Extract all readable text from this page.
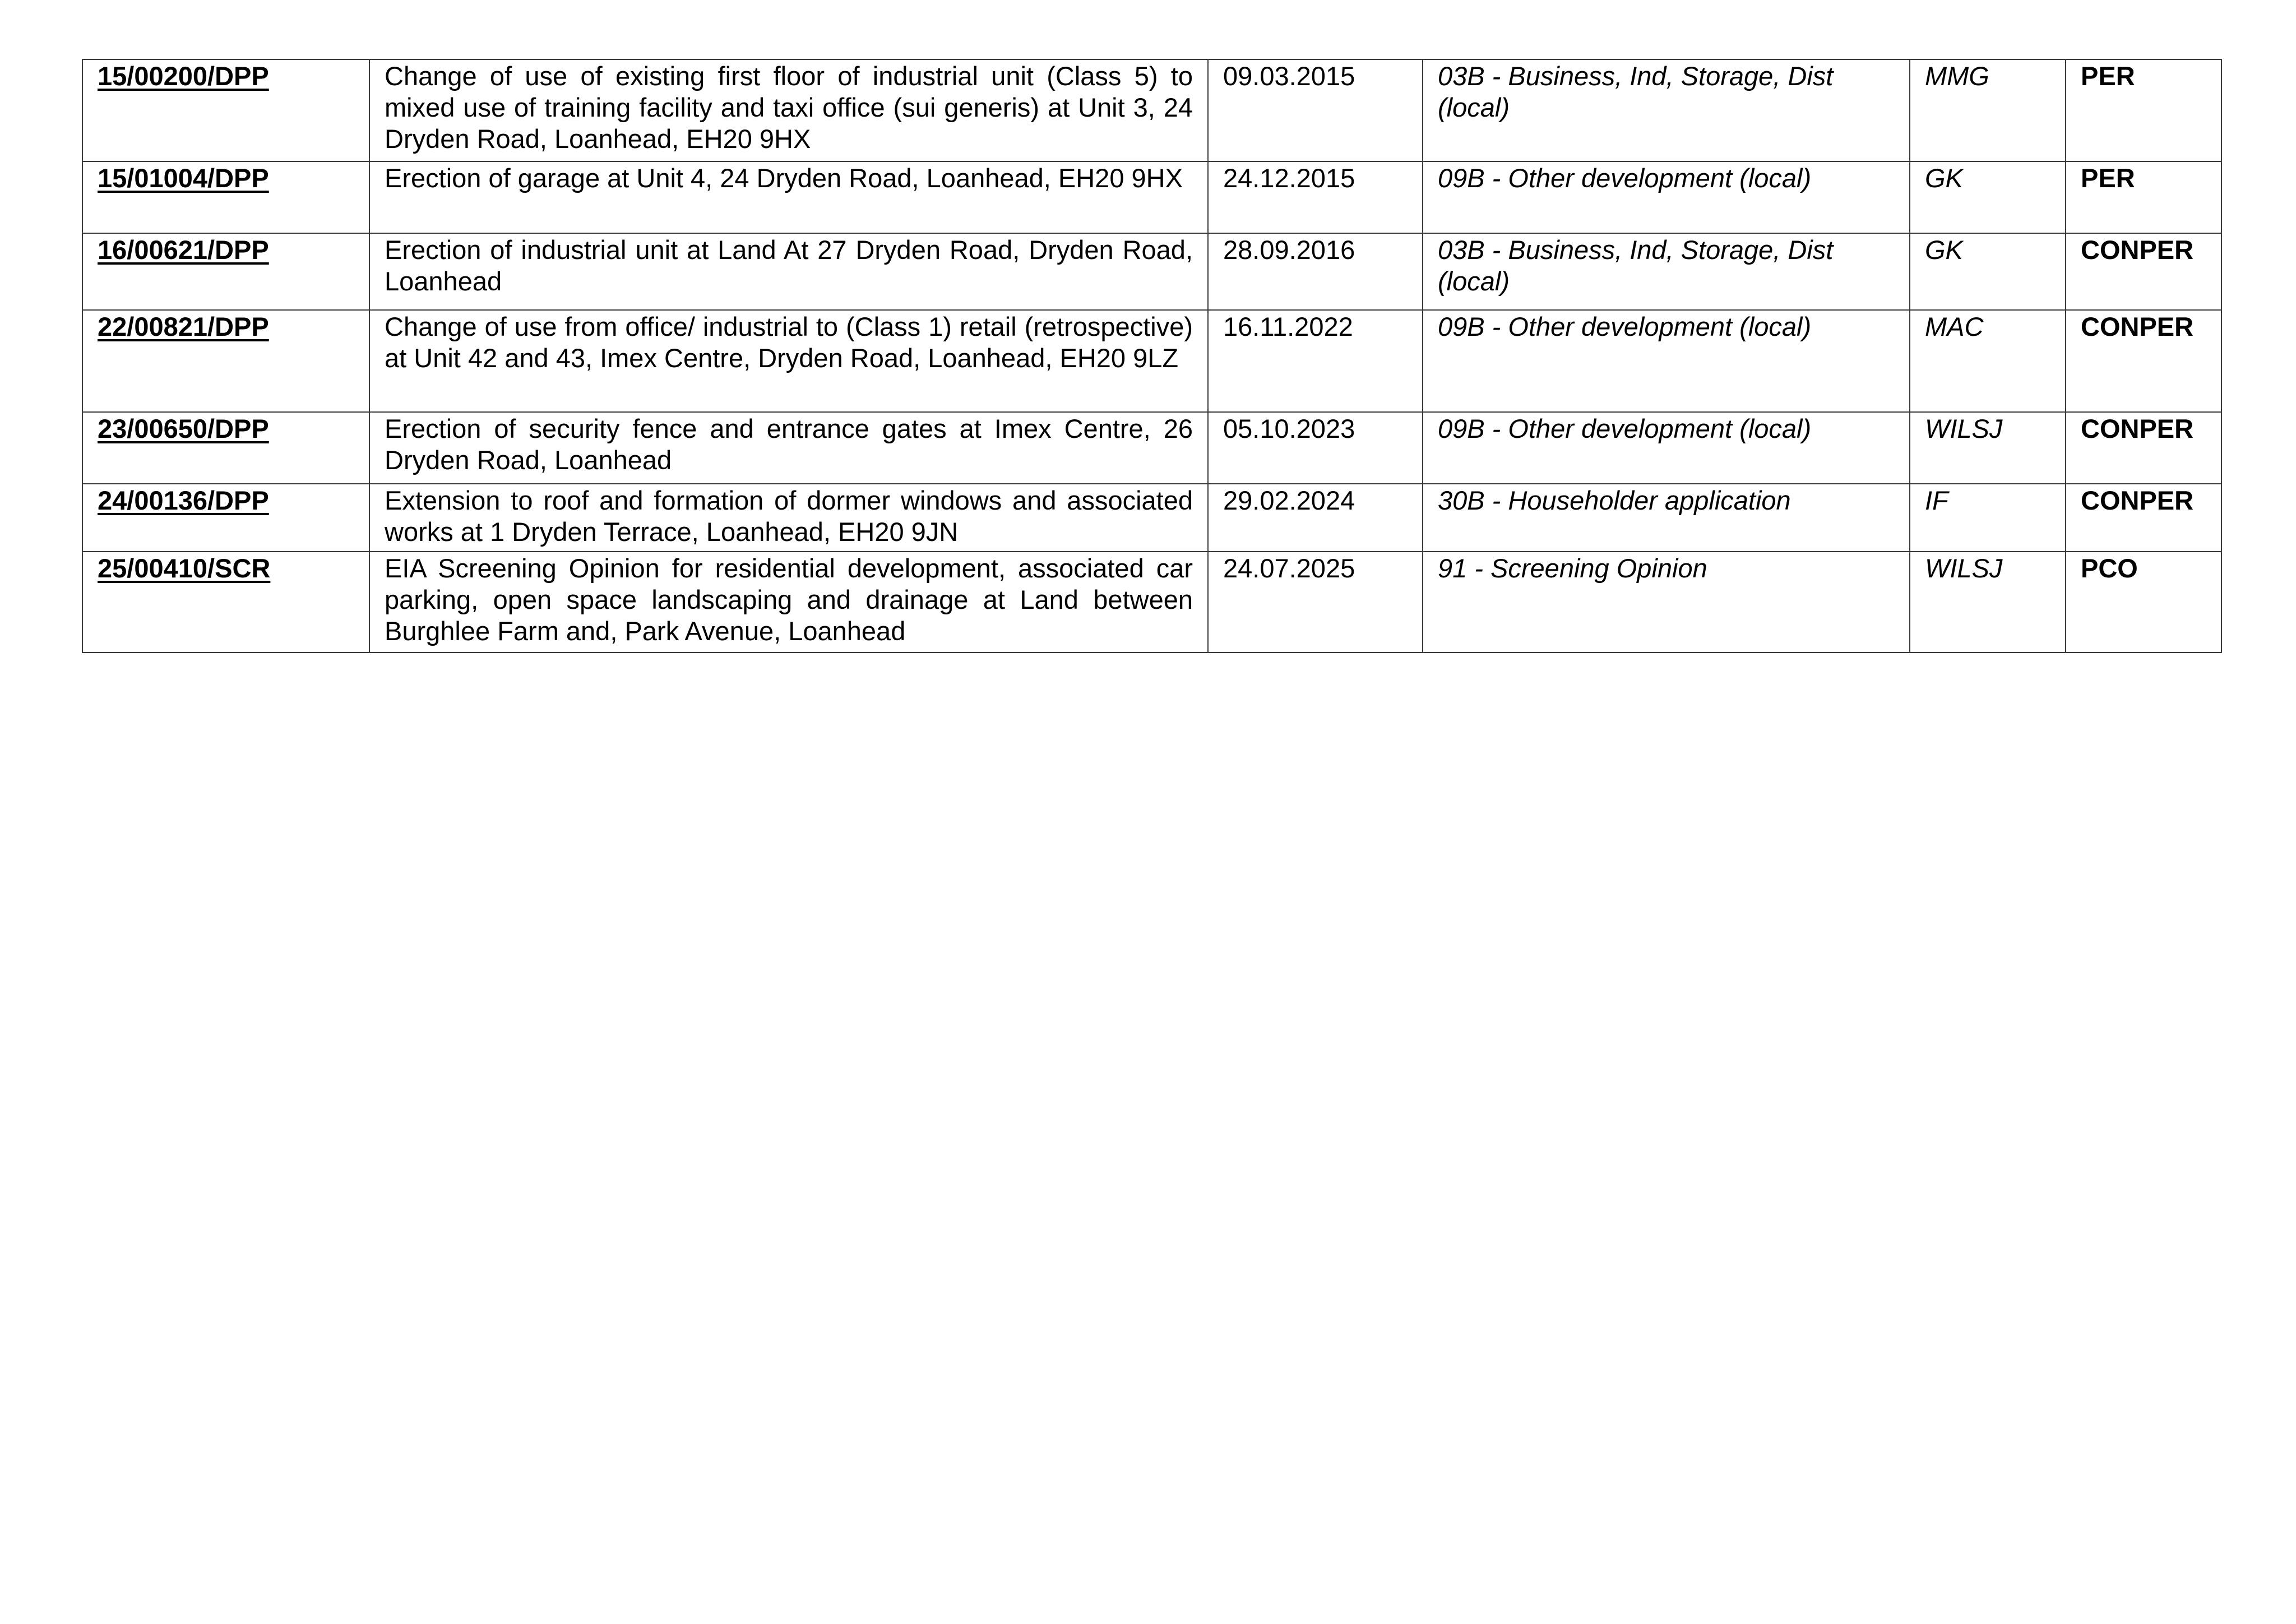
15/00200/DPP	Change of use of existing first floor of industrial unit (Class 5) to mixed use of training facility and taxi office (sui generis) at Unit 3, 24 Dryden Road, Loanhead, EH20 9HX	09.03.2015	03B - Business, Ind, Storage, Dist (local)	MMG	PER
15/01004/DPP	Erection of garage at Unit 4, 24 Dryden Road, Loanhead, EH20 9HX	24.12.2015	09B - Other development (local)	GK	PER
16/00621/DPP	Erection of industrial unit at Land At 27 Dryden Road, Dryden Road, Loanhead	28.09.2016	03B - Business, Ind, Storage, Dist (local)	GK	CONPER
22/00821/DPP	Change of use from office/ industrial to (Class 1) retail (retrospective) at Unit 42 and 43, Imex Centre, Dryden Road, Loanhead, EH20 9LZ	16.11.2022	09B - Other development (local)	MAC	CONPER
23/00650/DPP	Erection of security fence and entrance gates at Imex Centre, 26 Dryden Road, Loanhead	05.10.2023	09B - Other development (local)	WILSJ	CONPER
24/00136/DPP	Extension to roof and formation of dormer windows and associated works at 1 Dryden Terrace, Loanhead, EH20 9JN	29.02.2024	30B - Householder application	IF	CONPER
25/00410/SCR	EIA Screening Opinion for residential development, associated car parking, open space landscaping and drainage at Land between Burghlee Farm and, Park Avenue, Loanhead	24.07.2025	91 - Screening Opinion	WILSJ	PCO
